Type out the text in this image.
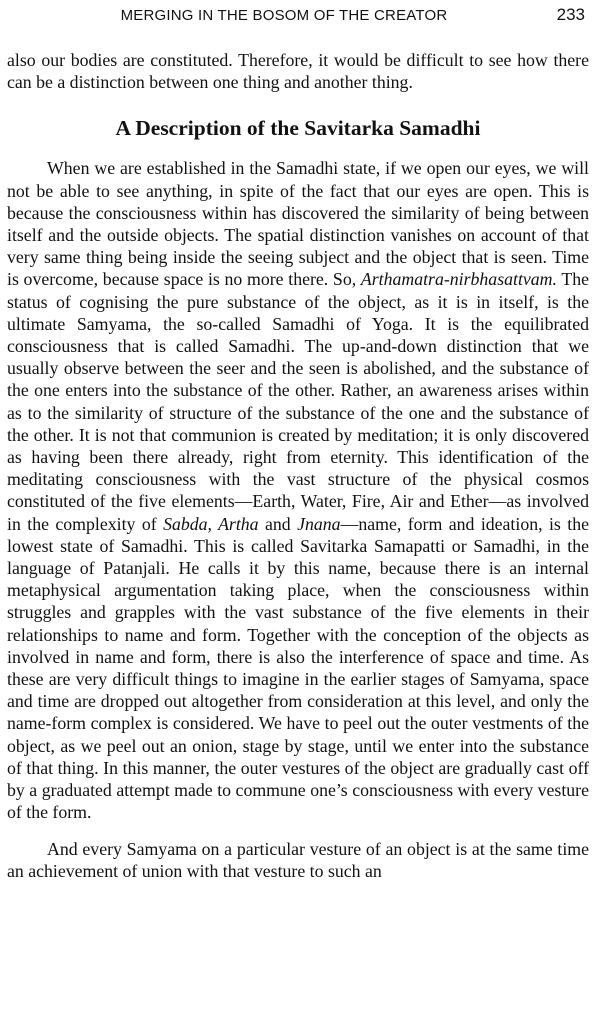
MERGING IN THE BOSOM OF THE CREATOR	233

also our bodies are constituted. Therefore, it would be difficult to see how there can be a distinction between one thing and another thing.

A Description of the Savitarka Samadhi

When we are established in the Samadhi state, if we open our eyes, we will not be able to see anything, in spite of the fact that our eyes are open. This is because the consciousness within has discovered the similarity of being between itself and the outside objects. The spatial distinction vanishes on account of that very same thing being inside the seeing subject and the object that is seen. Time is overcome, because space is no more there. So, Arthamatra-nirbhasattvam. The status of cognising the pure substance of the object, as it is in itself, is the ultimate Samyama, the so-called Samadhi of Yoga. It is the equilibrated consciousness that is called Samadhi. The up-and-down distinction that we usually observe between the seer and the seen is abolished, and the substance of the one enters into the substance of the other. Rather, an awareness arises within as to the similarity of structure of the substance of the one and the substance of the other. It is not that communion is created by meditation; it is only discovered as having been there already, right from eternity. This identification of the meditating consciousness with the vast structure of the physical cosmos constituted of the five elements—Earth, Water, Fire, Air and Ether—as involved in the complexity of Sabda, Artha and Jnana—name, form and ideation, is the lowest state of Samadhi. This is called Savitarka Samapatti or Samadhi, in the language of Patanjali. He calls it by this name, because there is an internal metaphysical argumentation taking place, when the consciousness within struggles and grapples with the vast substance of the five elements in their relationships to name and form. Together with the conception of the objects as involved in name and form, there is also the interference of space and time. As these are very difficult things to imagine in the earlier stages of Samyama, space and time are dropped out altogether from consideration at this level, and only the name-form complex is considered. We have to peel out the outer vestments of the object, as we peel out an onion, stage by stage, until we enter into the substance of that thing. In this manner, the outer vestures of the object are gradually cast off by a graduated attempt made to commune one’s consciousness with every vesture of the form.

And every Samyama on a particular vesture of an object is at the same time an achievement of union with that vesture to such an
